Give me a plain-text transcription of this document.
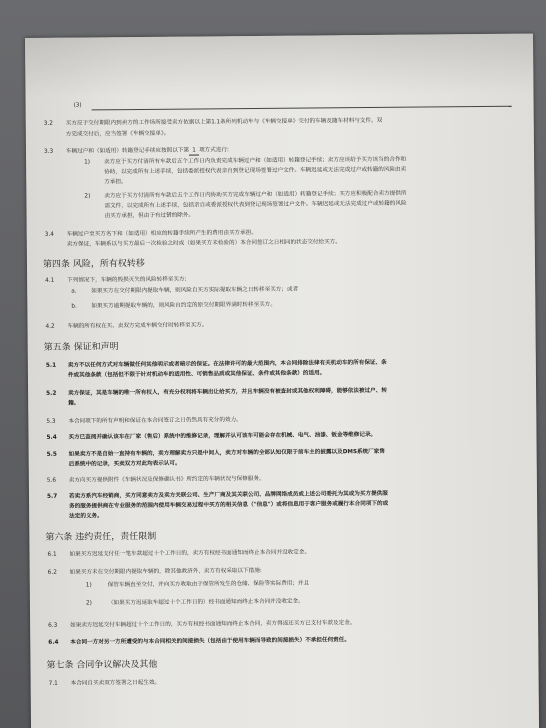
(3)
3.2 买方应于交付期限内到卖方的工作场所接受卖方依据以上第1.1条所列机动车与《车辆交接单》交付的车辆及随车材料与文件。双
方完成交付后，应当签署《车辆交接单》。
3.3 车辆过户和（如适用）转籍登记手续应按照以下第 1 项方式进行:
1) 卖方应于买方付清所有车款后五个工作日内负责完成车辆过户和（如适用）转籍登记手续；卖方应该给予买方该当的合作和
协助，以完成所有上述手续，包括委派授权代表亲自到登记现场签署过户文件。车辆迟延或无法完成过户或转籍的风险由卖
方承担。
2) 卖方应于买方付清所有车款后五个工作日内协助买方完成车辆过户和（如适用）转籍登记手续；买方应积极配合卖方提供所
需文件，以完成所有上述手续，包括亲自或委派授权代表到登记现场签署过户文件。车辆迟延或无法完成过户或转籍的风险
由买方承担，但由于有过错的除外。
3.4 车辆过户至买方名下和（如适用）相应的转籍手续所产生的费用由买方承担。
卖方保证，车辆系以与买方最后一次检验之时或（如果买方未检验的）本合同签订之日相同的状态交付给买方。
第四条 风险，所有权转移
4.1 下列情况下，车辆的毁损灭失的风险转移至买方:
a.	如果买方在交付期限内提取车辆，则风险自买方实际提取车辆之日转移至买方；或者
b.	如果买方逾期提取车辆的，则风险自约定的原交付期限界满时转移至买方。
4.2 车辆的所有权在买、卖双方完成车辆交付时转移至买方。
第五条 保证和声明
5.1 卖方不以任何方式对车辆做任何其他明示或者暗示的保证。在法律许可的最大范围内，本合同排除法律有关机动车的所有保证、条
件或其他条款（包括但不限于针对机动车的适用性、可销售品质或其他保证、条件或其他条款）的适用。
5.2 卖方保证，其是车辆的唯一所有权人，有充分权利将车辆出让给买方，并且车辆没有被查封或其他权利障碍，能够依法被过户、转
籍。
5.3 本合同项下的所有声明和保证在本合同签订之日仍然具有充分的效力。
5.4 买方已查阅并确认该车在厂家（售后）系统中的维修记录，理解并认可该车可能会存在机械、电气、油漆、钣金等维修记录。
5.5 如果卖方不是自始一直持有车辆的，卖方理解卖方只是中间人，卖方对车辆的全部认知仅限于前车主的披露以及DMS系统厂家售
后系统中的记录，买卖双方对此均表示认可。
5.6 卖方向买方提供附件《车辆状况及保修确认书》所约定的车辆状况与保修服务。
5.7 若卖方系汽车经销商，买方同意卖方及卖方关联公司、生产厂商及其关联公司、品牌网络成员或上述公司委托为其或为买方提供服
务的服务提供商在专业服务的范围内使用车辆交易过程中买方的相关信息（"信息"）或将信息用于客户服务或履行本合同项下的或
法定的义务。
第六条 违约责任，责任限制
6.1 如果买方迟延支付任一笔车款超过十个工作日的，卖方有权经书面通知而终止本合同并没收定金。
6.2 如果买方未在交付期限内提取车辆的，除其他救济外，卖方有权采取以下措施:
1)	保管车辆直至交付，并向买方收取由于保管所发生的仓储、保险等实际费用；并且
2)	（如果买方迟延取车超过十个工作日的）经书面通知而终止本合同并没收定金。
6.3 如果卖方迟延交付车辆超过十个工作日的，买方有权经书面通知而终止本合同，卖方得返还买方已支付车款及定金。
6.4 本合同一方对另一方所遭受的与本合同相关的间接损失（包括由于使用车辆而导致的间接损失）不承担任何责任。
第七条 合同争议解决及其他
7.1 本合同自买卖双方签署之日起生效。
